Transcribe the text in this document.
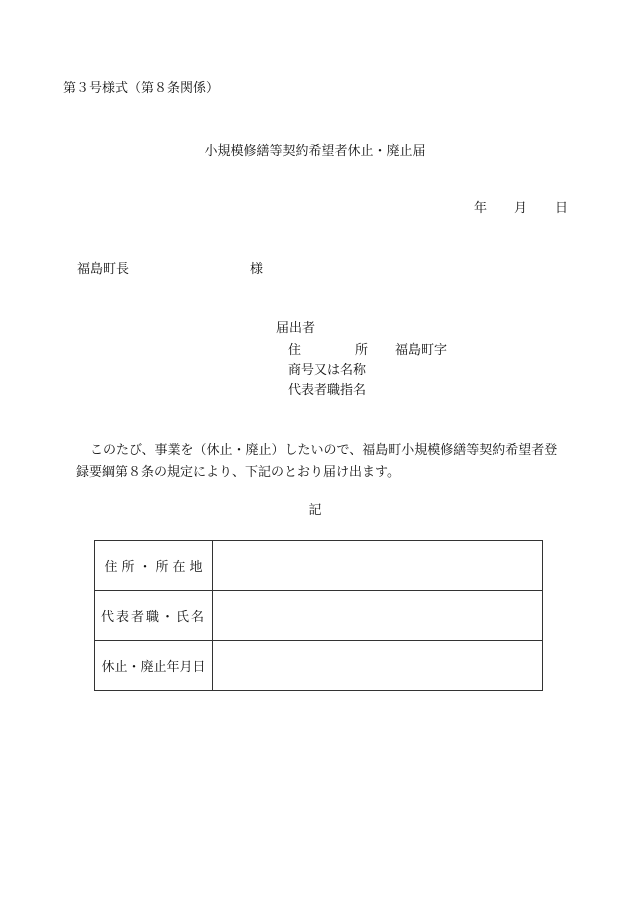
第３号様式（第８条関係）
小規模修繕等契約希望者休止・廃止届
年 月 日
福島町長	様
届出者
住	所 福島町字
商号又は名称
代表者職指名
このたび、事業を（休止・廃止）したいので、福島町小規模修繕等契約希望者登
録要綱第８条の規定により、下記のとおり届け出ます。
記
住所・所在地	
代表者職・氏名	
休止・廃止年月日	
